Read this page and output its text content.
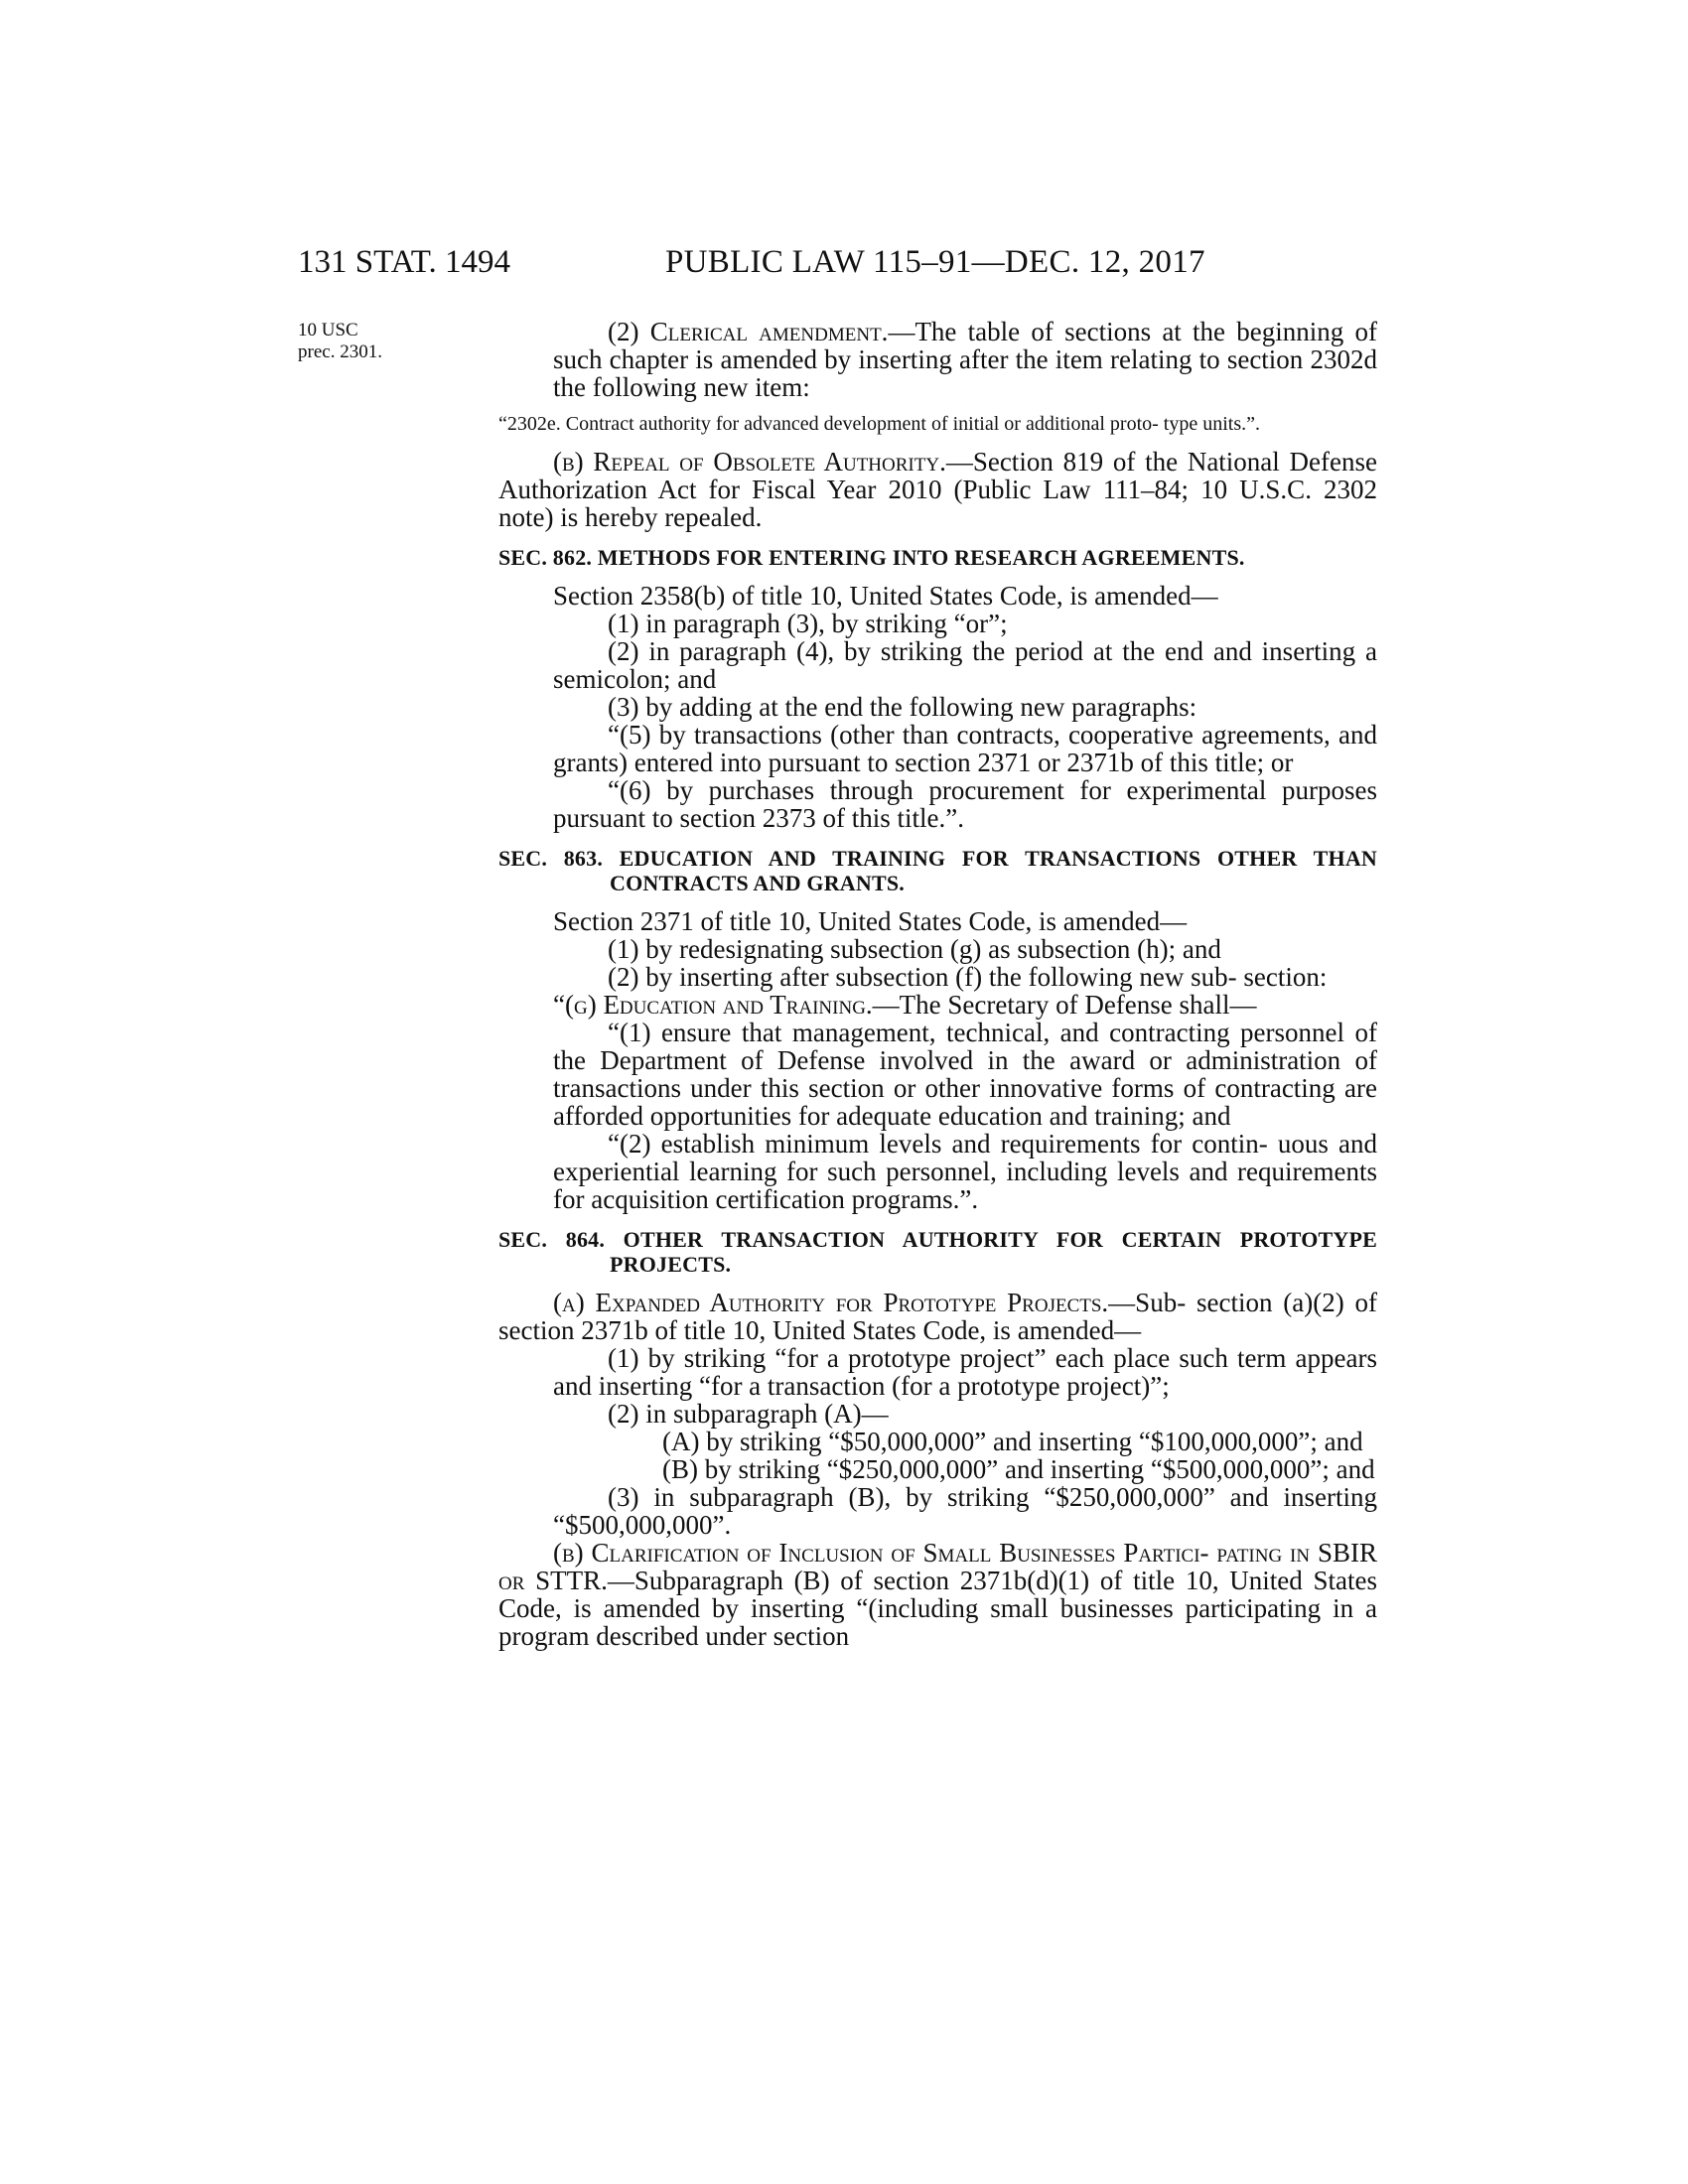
131 STAT. 1494	PUBLIC LAW 115–91—DEC. 12, 2017
10 USC
prec. 2301.

(2) Clerical amendment.—The table of sections at the beginning of such chapter is amended by inserting after the item relating to section 2302d the following new item:

“2302e. Contract authority for advanced development of initial or additional proto- type units.”.

(b) Repeal of Obsolete Authority.—Section 819 of the National Defense Authorization Act for Fiscal Year 2010 (Public Law 111–84; 10 U.S.C. 2302 note) is hereby repealed.

SEC. 862. METHODS FOR ENTERING INTO RESEARCH AGREEMENTS.

Section 2358(b) of title 10, United States Code, is amended—

(1) in paragraph (3), by striking “or”;

(2) in paragraph (4), by striking the period at the end and inserting a semicolon; and

(3) by adding at the end the following new paragraphs:

“(5) by transactions (other than contracts, cooperative agreements, and grants) entered into pursuant to section 2371 or 2371b of this title; or

“(6) by purchases through procurement for experimental purposes pursuant to section 2373 of this title.”.

SEC. 863. EDUCATION AND TRAINING FOR TRANSACTIONS OTHER THAN CONTRACTS AND GRANTS.

Section 2371 of title 10, United States Code, is amended—

(1) by redesignating subsection (g) as subsection (h); and

(2) by inserting after subsection (f) the following new sub- section:

“(g) Education and Training.—The Secretary of Defense shall—

“(1) ensure that management, technical, and contracting personnel of the Department of Defense involved in the award or administration of transactions under this section or other innovative forms of contracting are afforded opportunities for adequate education and training; and

“(2) establish minimum levels and requirements for contin- uous and experiential learning for such personnel, including levels and requirements for acquisition certification programs.”.

SEC. 864. OTHER TRANSACTION AUTHORITY FOR CERTAIN PROTOTYPE PROJECTS.

(a) Expanded Authority for Prototype Projects.—Sub- section (a)(2) of section 2371b of title 10, United States Code, is amended—

(1) by striking “for a prototype project” each place such term appears and inserting “for a transaction (for a prototype project)”;

(2) in subparagraph (A)—

(A) by striking “$50,000,000” and inserting “$100,000,000”; and

(B) by striking “$250,000,000” and inserting “$500,000,000”; and

(3) in subparagraph (B), by striking “$250,000,000” and inserting “$500,000,000”.

(b) Clarification of Inclusion of Small Businesses Partici- pating in SBIR or STTR.—Subparagraph (B) of section 2371b(d)(1) of title 10, United States Code, is amended by inserting “(including small businesses participating in a program described under section
